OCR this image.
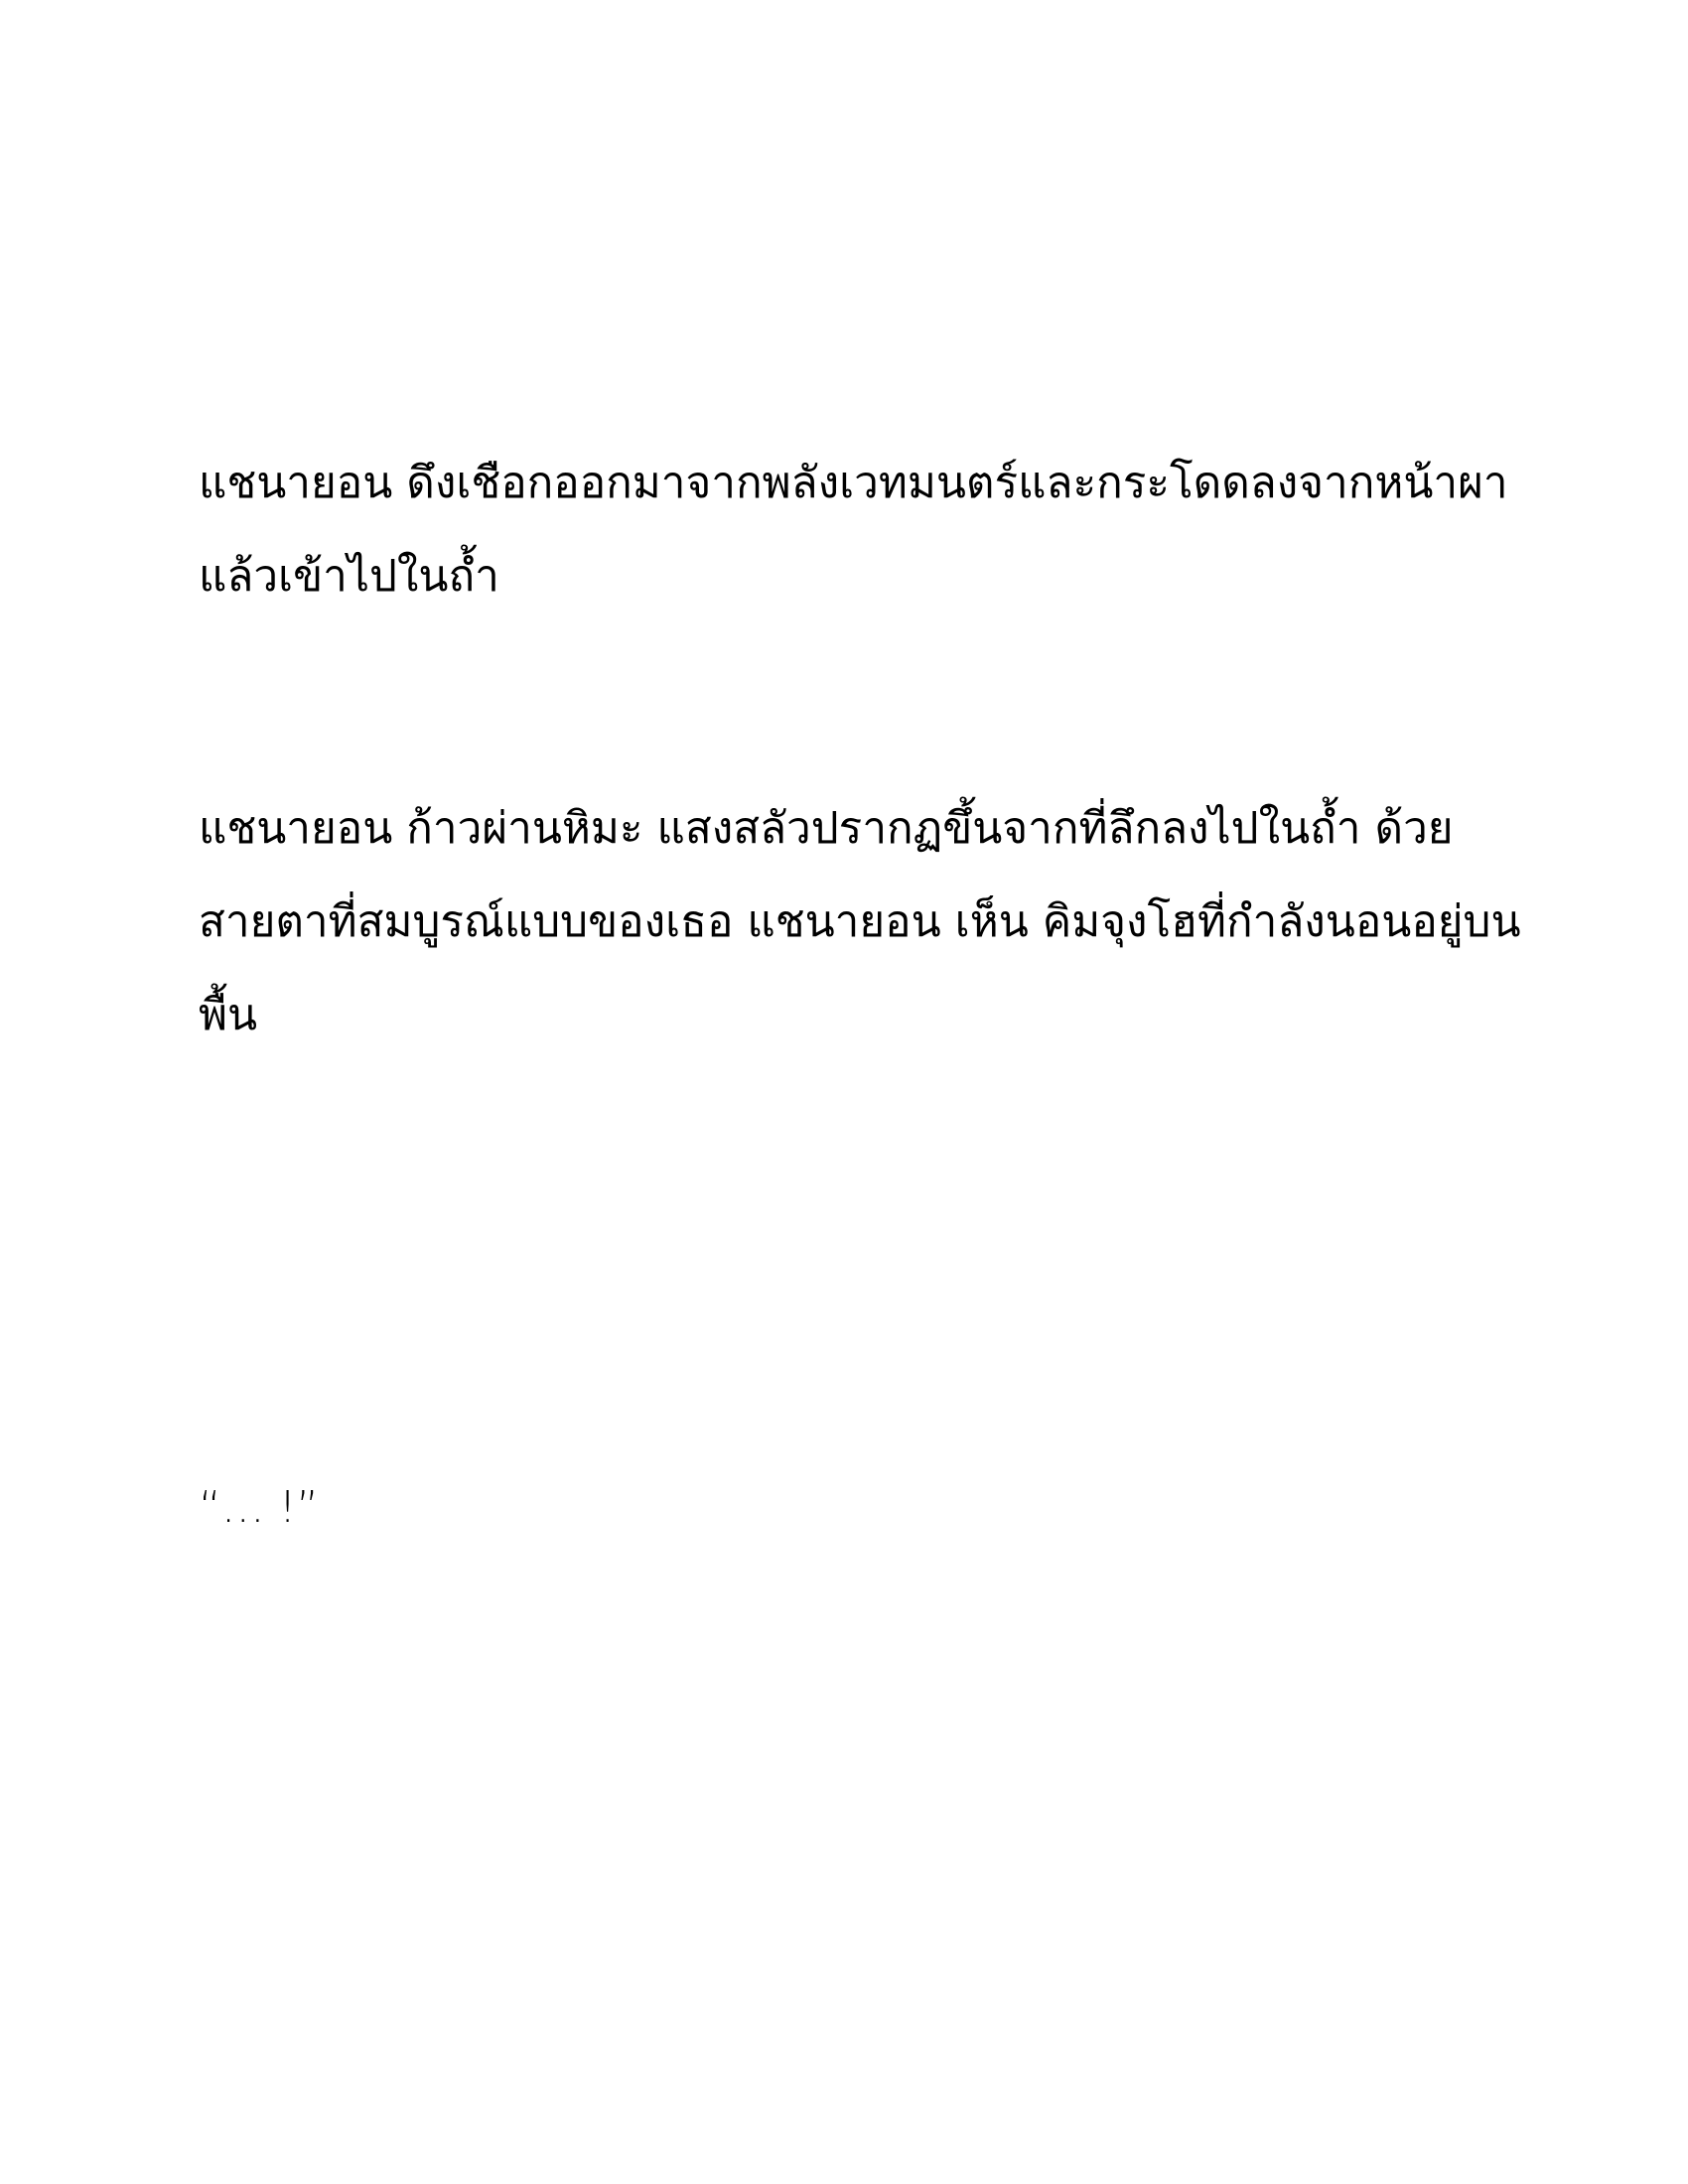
แชนายอน ดึงเชือกออกมาจากพลังเวทมนตร์และกระโดดลงจากหน้าผา
แล้วเข้าไปในถ้ำ

แชนายอน ก้าวผ่านหิมะ แสงสลัวปรากฏขึ้นจากที่ลึกลงไปในถ้ำ ด้วย
สายตาที่สมบูรณ์แบบของเธอ แชนายอน เห็น คิมจุงโฮที่กำลังนอนอยู่บน
พื้น

“… !”
